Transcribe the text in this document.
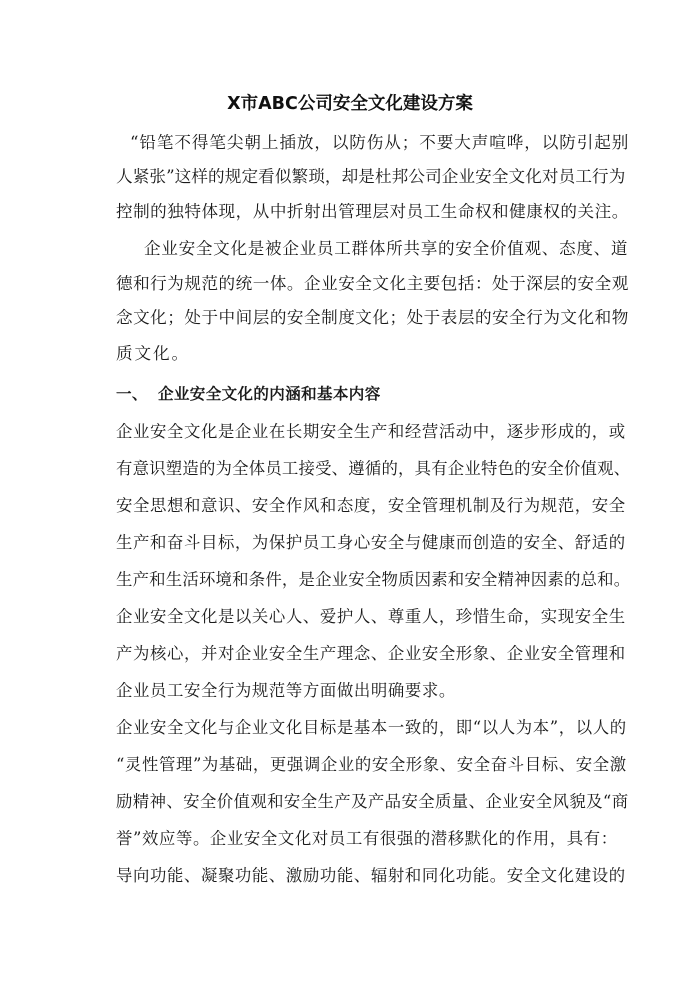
X市ABC公司安全文化建设方案
“铅笔不得笔尖朝上插放，以防伤从；不要大声喧哗，以防引起别
人紧张”这样的规定看似繁琐，却是杜邦公司企业安全文化对员工行为
控制的独特体现，从中折射出管理层对员工生命权和健康权的关注。
企业安全文化是被企业员工群体所共享的安全价值观、态度、道
德和行为规范的统一体。企业安全文化主要包括：处于深层的安全观
念文化；处于中间层的安全制度文化；处于表层的安全行为文化和物
质文化。
一、 企业安全文化的内涵和基本内容
企业安全文化是企业在长期安全生产和经营活动中，逐步形成的，或
有意识塑造的为全体员工接受、遵循的，具有企业特色的安全价值观、
安全思想和意识、安全作风和态度，安全管理机制及行为规范，安全
生产和奋斗目标，为保护员工身心安全与健康而创造的安全、舒适的
生产和生活环境和条件，是企业安全物质因素和安全精神因素的总和。
企业安全文化是以关心人、爱护人、尊重人，珍惜生命，实现安全生
产为核心，并对企业安全生产理念、企业安全形象、企业安全管理和
企业员工安全行为规范等方面做出明确要求。
企业安全文化与企业文化目标是基本一致的，即“以人为本”，以人的
“灵性管理”为基础，更强调企业的安全形象、安全奋斗目标、安全激
励精神、安全价值观和安全生产及产品安全质量、企业安全风貌及“商
誉”效应等。企业安全文化对员工有很强的潜移默化的作用，具有：
导向功能、凝聚功能、激励功能、辐射和同化功能。安全文化建设的
